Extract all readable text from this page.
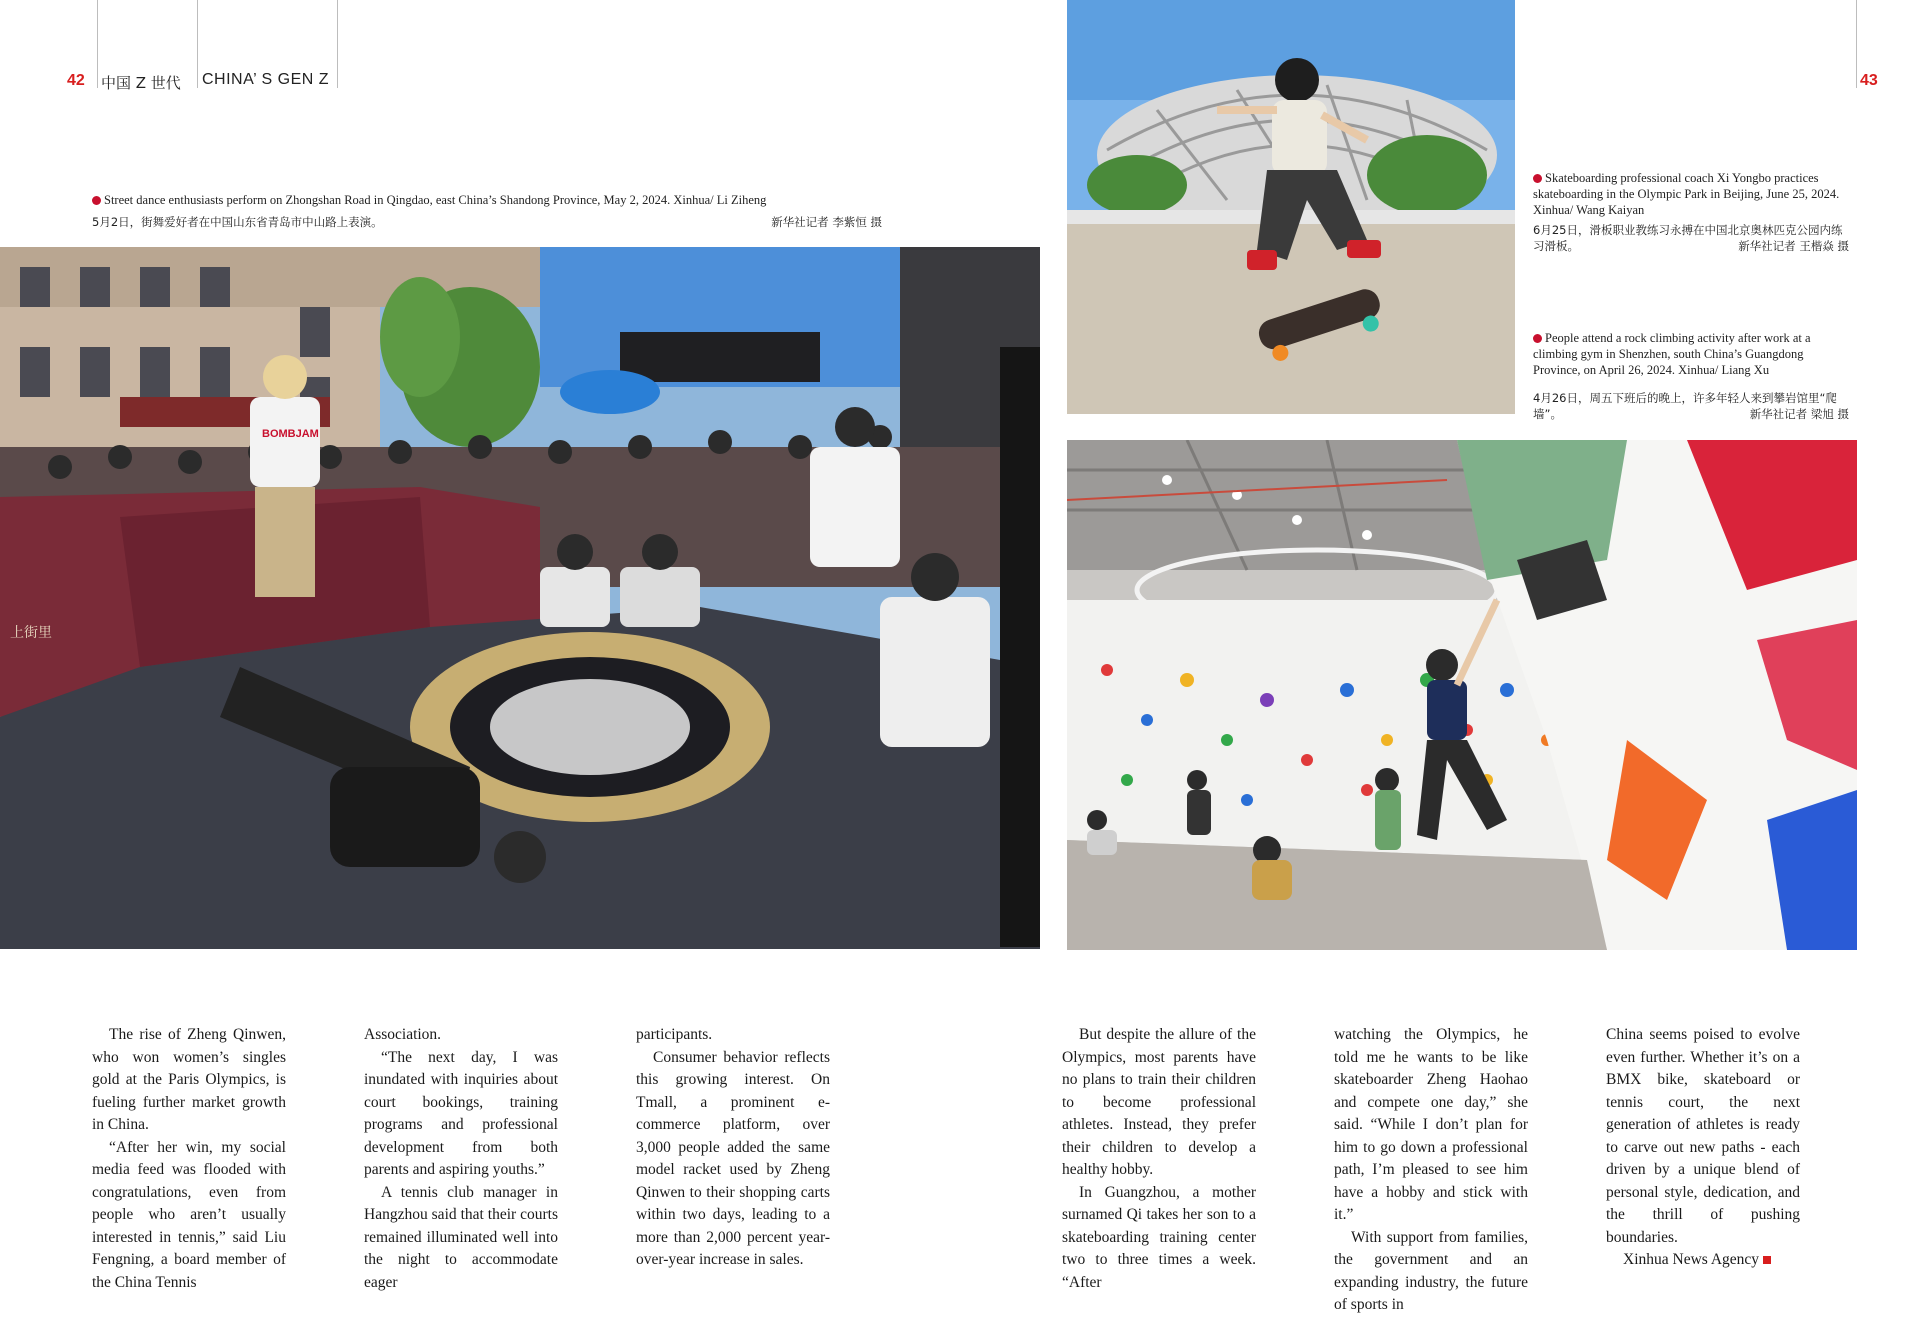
42 中国 Z 世代 CHINA’ S GEN Z	43
Street dance enthusiasts perform on Zhongshan Road in Qingdao, east China’s Shandong Province, May 2, 2024. Xinhua/ Li Ziheng
5月2日，街舞爱好者在中国山东省青岛市中山路上表演。	新华社记者 李紫恒 摄
上街里
BOMBJAM
Skateboarding professional coach Xi Yongbo practices skateboarding in the Olympic Park in Beijing, June 25, 2024. Xinhua/ Wang Kaiyan
6月25日，滑板职业教练习永搏在中国北京奥林匹克公园内练习滑板。	新华社记者 王楷焱 摄
People attend a rock climbing activity after work at a climbing gym in Shenzhen, south China’s Guangdong Province, on April 26, 2024. Xinhua/ Liang Xu
4月26日，周五下班后的晚上，许多年轻人来到攀岩馆里“爬墙”。	新华社记者 梁旭 摄

The rise of Zheng Qinwen, who won women’s singles gold at the Paris Olympics, is fueling further market growth in China.

“After her win, my social media feed was flooded with congratulations, even from people who aren’t usually interested in tennis,” said Liu Fengning, a board member of the China Tennis

Association.

“The next day, I was inundated with inquiries about court bookings, training programs and professional development from both parents and aspiring youths.”

A tennis club manager in Hangzhou said that their courts remained illuminated well into the night to accommodate eager

participants.

Consumer behavior reflects this growing interest. On Tmall, a prominent e-commerce platform, over 3,000 people added the same model racket used by Zheng Qinwen to their shopping carts within two days, leading to a more than 2,000 percent year-over-year increase in sales.

But despite the allure of the Olympics, most parents have no plans to train their children to become professional athletes. Instead, they prefer their children to develop a healthy hobby.

In Guangzhou, a mother surnamed Qi takes her son to a skateboarding training center two to three times a week. “After

watching the Olympics, he told me he wants to be like skateboarder Zheng Haohao and compete one day,” she said. “While I don’t plan for him to go down a professional path, I’m pleased to see him have a hobby and stick with it.”

With support from families, the government and an expanding industry, the future of sports in

China seems poised to evolve even further. Whether it’s on a BMX bike, skateboard or tennis court, the next generation of athletes is ready to carve out new paths - each driven by a unique blend of personal style, dedication, and the thrill of pushing boundaries.

Xinhua News Agency
